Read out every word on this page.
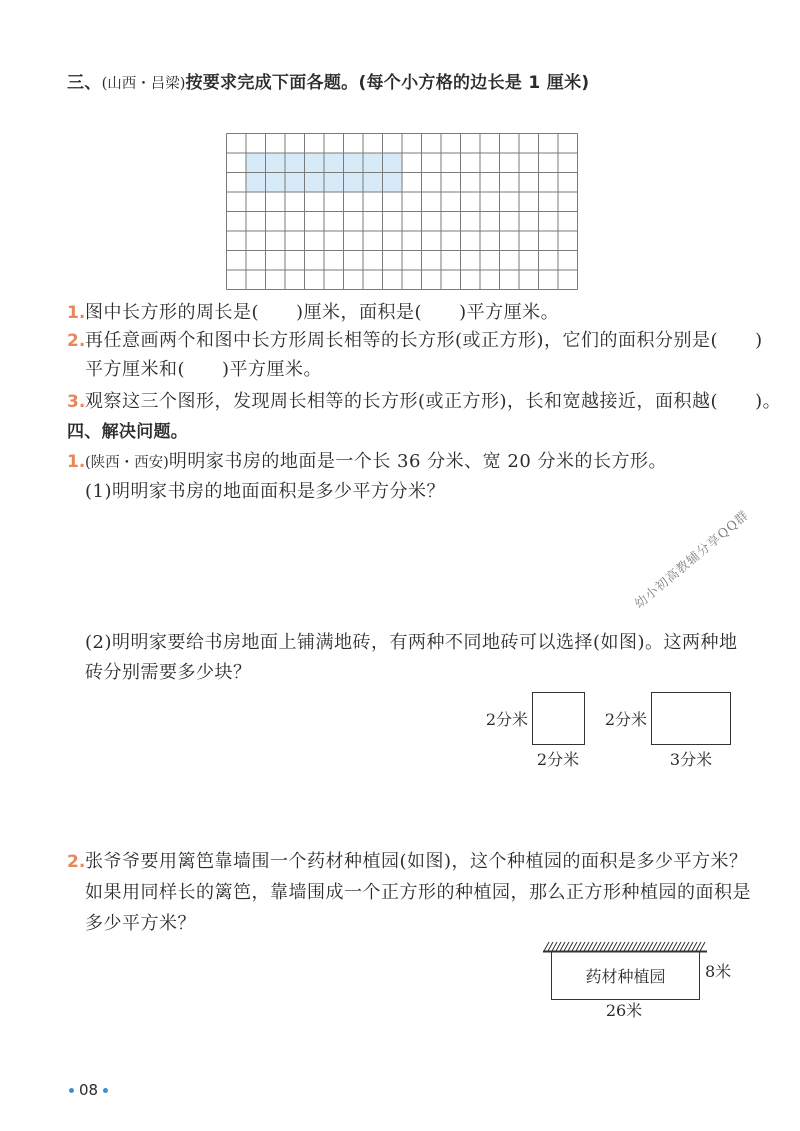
三、(山西・吕梁)按要求完成下面各题。(每个小方格的边长是 1 厘米)
1.图中长方形的周长是(　　)厘米，面积是(　　)平方厘米。
2.再任意画两个和图中长方形周长相等的长方形(或正方形)，它们的面积分别是(　　)
平方厘米和(　　)平方厘米。
3.观察这三个图形，发现周长相等的长方形(或正方形)，长和宽越接近，面积越(　　)。
四、解决问题。
1.(陕西・西安)明明家书房的地面是一个长 36 分米、宽 20 分米的长方形。
(1)明明家书房的地面面积是多少平方分米？
幼小初高教辅分享QQ群
(2)明明家要给书房地面上铺满地砖，有两种不同地砖可以选择(如图)。这两种地
砖分别需要多少块？
2分米
2分米
2分米
3分米
2.张爷爷要用篱笆靠墙围一个药材种植园(如图)，这个种植园的面积是多少平方米？
如果用同样长的篱笆，靠墙围成一个正方形的种植园，那么正方形种植园的面积是
多少平方米？
药材种植园 8米
26米
08
